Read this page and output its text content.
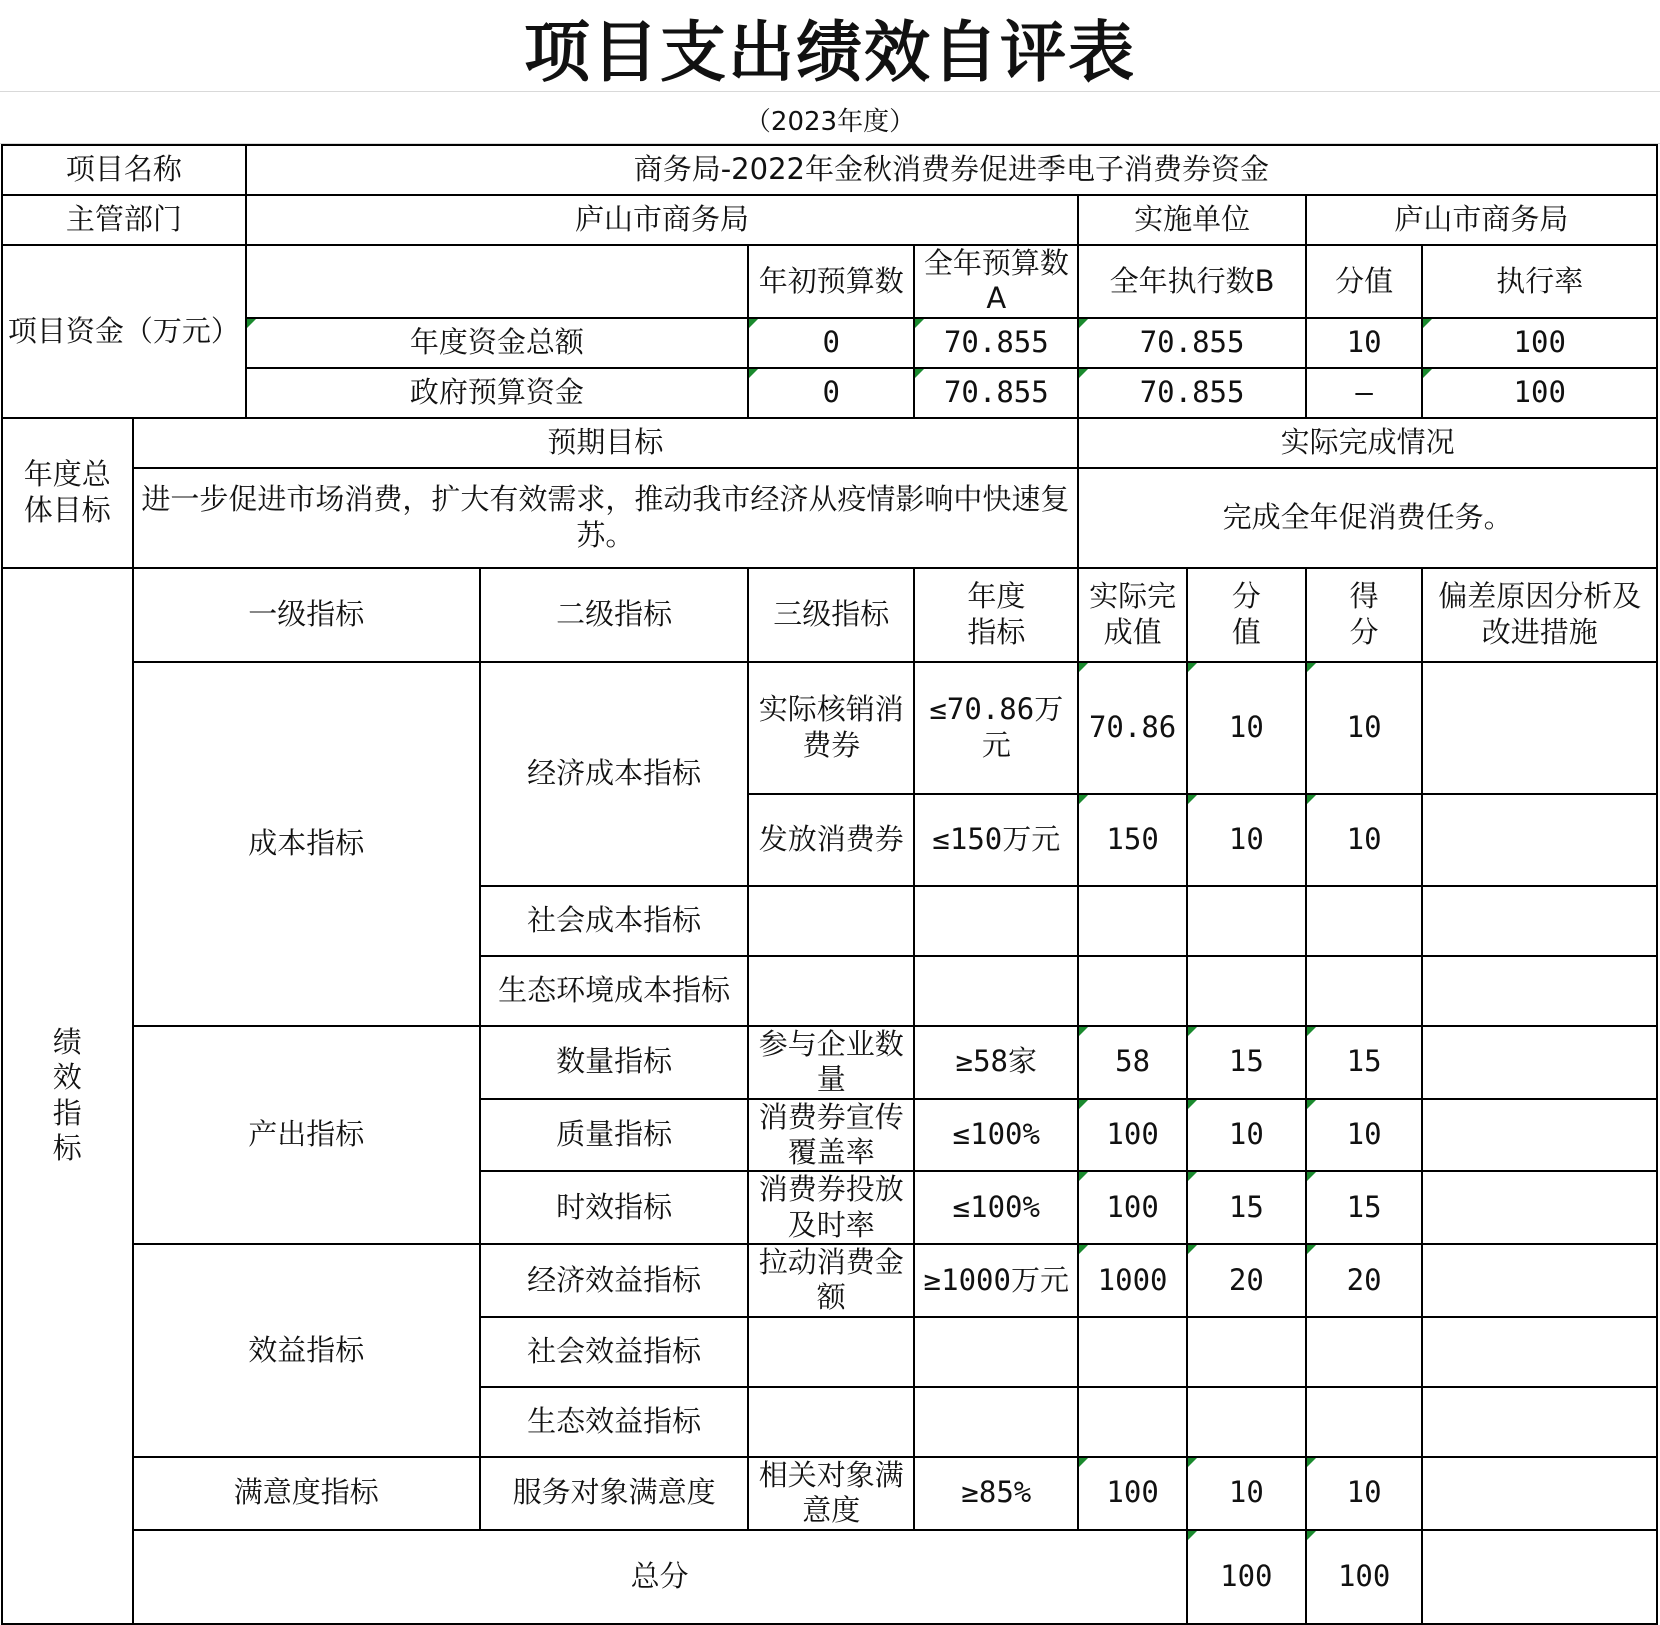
项目支出绩效自评表
（2023年度）
项目名称		商务局-2022年金秋消费券促进季电子消费券资金							
主管部门		庐山市商务局				实施单位		庐山市商务局	
项目资金（万元）				年初预算数	全年预算数A	全年执行数B		分值	执行率
		年度资金总额		0	70.855	70.855		10	100
		政府预算资金		0	70.855	70.855		—	100
年度总体目标	预期目标					实际完成情况			
	进一步促进市场消费，扩大有效需求，推动我市经济从疫情影响中快速复苏。					完成全年促消费任务。			
绩效指标	一级指标		二级指标	三级指标	年度指标	实际完成值	分值	得分	偏差原因分析及改进措施
	成本指标		经济成本指标	实际核销消费券	≤70.86万元	70.86	10	10	
				发放消费券	≤150万元	150	10	10	
			社会成本指标						
			生态环境成本指标						
	产出指标		数量指标	参与企业数量	≥58家	58	15	15	
			质量指标	消费券宣传覆盖率	≤100%	100	10	10	
			时效指标	消费券投放及时率	≤100%	100	15	15	
	效益指标		经济效益指标	拉动消费金额	≥1000万元	1000	20	20	
			社会效益指标						
			生态效益指标						
	满意度指标		服务对象满意度	相关对象满意度	≥85%	100	10	10	
	总分						100	100	
